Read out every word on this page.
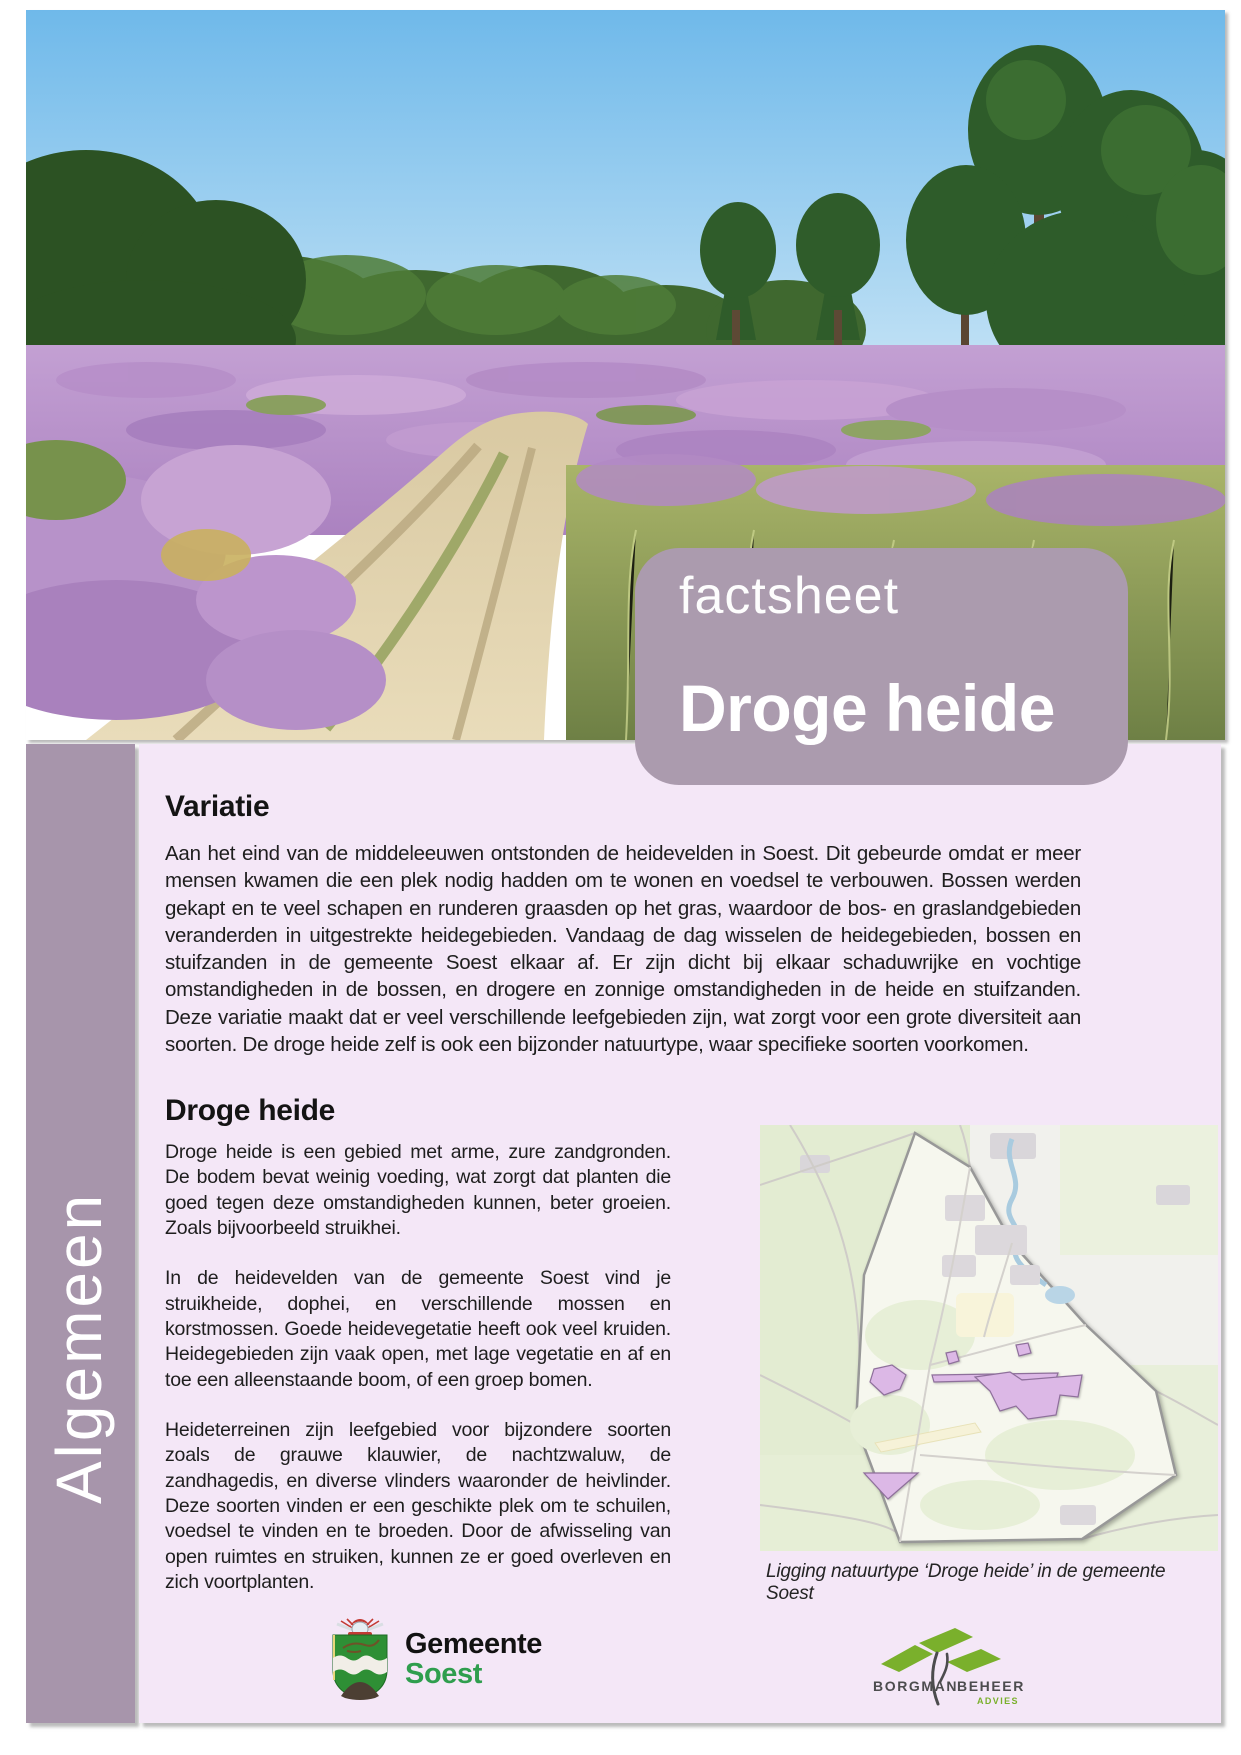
factsheet
Droge heide
Algemeen
Variatie

Aan het eind van de middeleeuwen ontstonden de heidevelden in Soest. Dit gebeurde omdat er meer mensen kwamen die een plek nodig hadden om te wonen en voedsel te verbouwen. Bossen werden gekapt en te veel schapen en runderen graasden op het gras, waardoor de bos- en graslandgebieden veranderden in uitgestrekte heidegebieden. Vandaag de dag wisselen de heidegebieden, bossen en stuifzanden in de gemeente Soest elkaar af. Er zijn dicht bij elkaar schaduwrijke en vochtige omstandigheden in de bossen, en drogere en zonnige omstandigheden in de heide en stuifzanden. Deze variatie maakt dat er veel verschillende leefgebieden zijn, wat zorgt voor een grote diversiteit aan soorten. De droge heide zelf is ook een bijzonder natuurtype, waar specifieke soorten voorkomen.

Droge heide

Droge heide is een gebied met arme, zure zandgronden. De bodem bevat weinig voeding, wat zorgt dat planten die goed tegen deze omstandigheden kunnen, beter groeien. Zoals bijvoorbeeld struikhei.

In de heidevelden van de gemeente Soest vind je struikheide, dophei, en verschillende mossen en korstmossen. Goede heidevegetatie heeft ook veel kruiden. Heidegebieden zijn vaak open, met lage vegetatie en af en toe een alleenstaande boom, of een groep bomen.

Heideterreinen zijn leefgebied voor bijzondere soorten zoals de grauwe klauwier, de nachtzwaluw, de zandhagedis, en diverse vlinders waaronder de heivlinder. Deze soorten vinden er een geschikte plek om te schuilen, voedsel te vinden en te broeden. Door de afwisseling van open ruimtes en struiken, kunnen ze er goed overleven en zich voortplanten.	Ligging natuurtype ‘Droge heide’ in de gemeente Soest
Gemeente
Soest	BORGMAN
BEHEER
ADVIES
